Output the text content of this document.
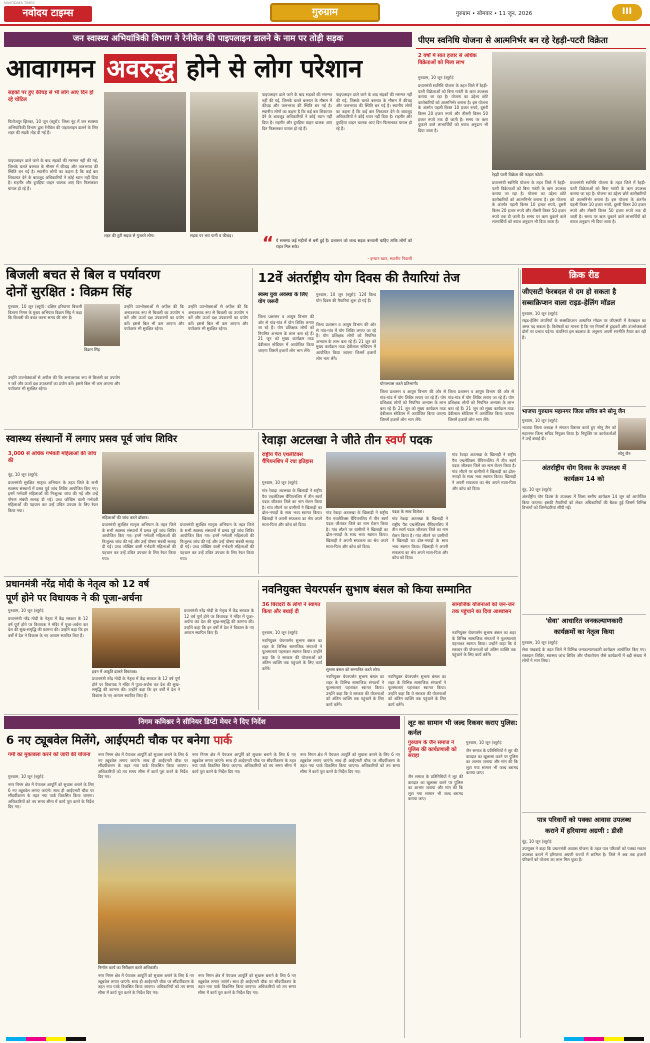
NAVODAYA TIMES
नवोदय टाइम्स	गुरुग्राम	गुरुग्राम • सोमवार • 11 जून, 2026	III
जन स्वास्थ्य अभियांत्रिकी विभाग ने रेनीवेल की पाइपलाइन डालने के नाम पर तोड़ी सड़क	पीएम स्वनिधि योजना से आत्मनिर्भर बन रहे रेहड़ी-पटरी विक्रेता
आवागमन अवरुद्ध होने से लोग परेशान
सड़कों पर हुए कीचड़ से भी लोग आए दिन हो रहे चोटिल
फिरोजपुर झिरका, 10 जून (ब्यूरो): जिला नूंह में जन स्वास्थ्य अभियांत्रिकी विभाग द्वारा रेनीवेल की पाइपलाइन डालने के लिए शहर की सड़कें तोड़ दी गई हैं।
पाइपलाइन डाले जाने के बाद सड़कों की मरम्मत नहीं की गई, जिसके चलते बरसात के मौसम में कीचड़ और जलभराव की स्थिति बन गई है। स्थानीय लोगों का कहना है कि कई बार शिकायत देने के बावजूद अधिकारियों ने कोई ध्यान नहीं दिया है। राहगीर और दुपहिया वाहन चालक आए दिन फिसलकर घायल हो रहे हैं।
शहर की टूटी सड़क से गुजरते लोग।
पाइपलाइन डाले जाने के बाद सड़कों की मरम्मत नहीं की गई, जिसके चलते बरसात के मौसम में कीचड़ और जलभराव की स्थिति बन गई है। स्थानीय लोगों का कहना है कि कई बार शिकायत देने के बावजूद अधिकारियों ने कोई ध्यान नहीं दिया है। राहगीर और दुपहिया वाहन चालक आए दिन फिसलकर घायल हो रहे हैं।
पाइपलाइन डाले जाने के बाद सड़कों की मरम्मत नहीं की गई, जिसके चलते बरसात के मौसम में कीचड़ और जलभराव की स्थिति बन गई है। स्थानीय लोगों का कहना है कि कई बार शिकायत देने के बावजूद अधिकारियों ने कोई ध्यान नहीं दिया है। राहगीर और दुपहिया वाहन चालक आए दिन फिसलकर घायल हो रहे हैं।
सड़क पर भरा पानी व कीचड़।	“ ये समस्या कई महीनों से बनी हुई है। प्रशासन को जल्द सड़क बनवानी चाहिए ताकि लोगों को राहत मिल सके।
- इमरान खान, स्थानीय निवासी
2 वर्षों में सात हजार से अधिक विक्रेताओं को मिला लाभ
गुरुग्राम, 10 जून (ब्यूरो):
प्रधानमंत्री स्वनिधि योजना के तहत जिले में रेहड़ी-पटरी विक्रेताओं को बिना गारंटी के ऋण उपलब्ध कराया जा रहा है। योजना का उद्देश्य छोटे कारोबारियों को आत्मनिर्भर बनाना है। इस योजना के अंतर्गत पहली किस्त 10 हजार रुपये, दूसरी किस्त 20 हजार रुपये और तीसरी किस्त 50 हजार रुपये तक दी जाती है। समय पर ऋण चुकाने वाले लाभार्थियों को ब्याज अनुदान भी दिया जाता है।
रेहड़ी पटरी विक्रेता की फाइल फोटो।
प्रधानमंत्री स्वनिधि योजना के तहत जिले में रेहड़ी-पटरी विक्रेताओं को बिना गारंटी के ऋण उपलब्ध कराया जा रहा है। योजना का उद्देश्य छोटे कारोबारियों को आत्मनिर्भर बनाना है। इस योजना के अंतर्गत पहली किस्त 10 हजार रुपये, दूसरी किस्त 20 हजार रुपये और तीसरी किस्त 50 हजार रुपये तक दी जाती है। समय पर ऋण चुकाने वाले लाभार्थियों को ब्याज अनुदान भी दिया जाता है।
प्रधानमंत्री स्वनिधि योजना के तहत जिले में रेहड़ी-पटरी विक्रेताओं को बिना गारंटी के ऋण उपलब्ध कराया जा रहा है। योजना का उद्देश्य छोटे कारोबारियों को आत्मनिर्भर बनाना है। इस योजना के अंतर्गत पहली किस्त 10 हजार रुपये, दूसरी किस्त 20 हजार रुपये और तीसरी किस्त 50 हजार रुपये तक दी जाती है। समय पर ऋण चुकाने वाले लाभार्थियों को ब्याज अनुदान भी दिया जाता है।
बिजली बचत से बिल व पर्यावरण
दोनों सुरक्षित : विक्रम सिंह
गुरुग्राम, 10 जून (ब्यूरो): दक्षिण हरियाणा बिजली वितरण निगम के मुख्य अभियंता विक्रम सिंह ने कहा कि बिजली की बचत करना समय की मांग है।
विक्रम सिंह
उन्होंने उपभोक्ताओं से अपील की कि अनावश्यक रूप से बिजली का उपयोग न करें और ऊर्जा दक्ष उपकरणों का प्रयोग करें। इससे बिल भी कम आएगा और पर्यावरण भी सुरक्षित रहेगा।
उन्होंने उपभोक्ताओं से अपील की कि अनावश्यक रूप से बिजली का उपयोग न करें और ऊर्जा दक्ष उपकरणों का प्रयोग करें। इससे बिल भी कम आएगा और पर्यावरण भी सुरक्षित रहेगा।
उन्होंने उपभोक्ताओं से अपील की कि अनावश्यक रूप से बिजली का उपयोग न करें और ऊर्जा दक्ष उपकरणों का प्रयोग करें। इससे बिल भी कम आएगा और पर्यावरण भी सुरक्षित रहेगा।
12वें अंतर्राष्ट्रीय योग दिवस की तैयारियां तेज
स्वस्थ युवा अवस्था के लिए योग जरूरी
गुरुग्राम, 10 जून (ब्यूरो): 12वें विश्व योग दिवस की तैयारियां शुरू हो गई हैं।
जिला प्रशासन व आयुष विभाग की ओर से गांव-गांव में योग शिविर लगाए जा रहे हैं। योग प्रशिक्षक लोगों को नियमित अभ्यास के लाभ बता रहे हैं। 21 जून को मुख्य कार्यक्रम ताऊ देवीलाल स्टेडियम में आयोजित किया जाएगा जिसमें हजारों लोग भाग लेंगे।
जिला प्रशासन व आयुष विभाग की ओर से गांव-गांव में योग शिविर लगाए जा रहे हैं। योग प्रशिक्षक लोगों को नियमित अभ्यास के लाभ बता रहे हैं। 21 जून को मुख्य कार्यक्रम ताऊ देवीलाल स्टेडियम में आयोजित किया जाएगा जिसमें हजारों लोग भाग लेंगे।
योगाभ्यास करते प्रतिभागी।
जिला प्रशासन व आयुष विभाग की ओर से गांव-गांव में योग शिविर लगाए जा रहे हैं। योग प्रशिक्षक लोगों को नियमित अभ्यास के लाभ बता रहे हैं। 21 जून को मुख्य कार्यक्रम ताऊ देवीलाल स्टेडियम में आयोजित किया जाएगा जिसमें हजारों लोग भाग लेंगे।
जिला प्रशासन व आयुष विभाग की ओर से गांव-गांव में योग शिविर लगाए जा रहे हैं। योग प्रशिक्षक लोगों को नियमित अभ्यास के लाभ बता रहे हैं। 21 जून को मुख्य कार्यक्रम ताऊ देवीलाल स्टेडियम में आयोजित किया जाएगा जिसमें हजारों लोग भाग लेंगे।
क्रिक रीड
जीएसटी फेरबदल से दम हो सकता है
सब्सक्रिप्शन वाला राइड-हेलिंग मॉडल
गुरुग्राम, 10 जून (ब्यूरो):
राइड-हेलिंग कंपनियों के सब्सक्रिप्शन आधारित मॉडल पर जीएसटी में फेरबदल का असर पड़ सकता है। विशेषज्ञों का मानना है कि नए नियमों से ड्राइवरों और उपभोक्ताओं दोनों पर प्रभाव पड़ेगा। कंपनियां इस बदलाव के अनुरूप अपनी रणनीति तैयार कर रही हैं।
भाजपा गुरुग्राम महानगर जिला सचिव बने सोनू जैन
गुरुग्राम, 10 जून (ब्यूरो):
भाजपा जिला अध्यक्ष ने संगठन विस्तार करते हुए सोनू जैन को महानगर जिला सचिव नियुक्त किया है। नियुक्ति पर कार्यकर्ताओं ने उन्हें बधाई दी।
सोनू जैन
स्वास्थ्य संस्थानों में लगाए प्रसव पूर्व जांच शिविर
3,000 से अधिक गर्भवती महिलाओं की जांच की
नूंह, 10 जून (ब्यूरो):
प्रधानमंत्री सुरक्षित मातृत्व अभियान के तहत जिले के सभी स्वास्थ्य संस्थानों में प्रसव पूर्व जांच शिविर आयोजित किए गए। इनमें गर्भवती महिलाओं की निःशुल्क जांच की गई और उन्हें पोषण संबंधी सलाह दी गई। उच्च जोखिम वाली गर्भवती महिलाओं की पहचान कर उन्हें उचित उपचार के लिए रेफर किया गया।
महिलाओं की जांच करते डॉक्टर।
प्रधानमंत्री सुरक्षित मातृत्व अभियान के तहत जिले के सभी स्वास्थ्य संस्थानों में प्रसव पूर्व जांच शिविर आयोजित किए गए। इनमें गर्भवती महिलाओं की निःशुल्क जांच की गई और उन्हें पोषण संबंधी सलाह दी गई। उच्च जोखिम वाली गर्भवती महिलाओं की पहचान कर उन्हें उचित उपचार के लिए रेफर किया गया।
प्रधानमंत्री सुरक्षित मातृत्व अभियान के तहत जिले के सभी स्वास्थ्य संस्थानों में प्रसव पूर्व जांच शिविर आयोजित किए गए। इनमें गर्भवती महिलाओं की निःशुल्क जांच की गई और उन्हें पोषण संबंधी सलाह दी गई। उच्च जोखिम वाली गर्भवती महिलाओं की पहचान कर उन्हें उचित उपचार के लिए रेफर किया गया।
रेवाड़ा अटलखा ने जीते तीन स्वर्ण पदक
राष्ट्रीय पैरा एथलेटिक्स चैंपियनशिप में रचा इतिहास
गुरुग्राम, 10 जून (ब्यूरो):
गांव रेवाड़ा अटलखा के खिलाड़ी ने राष्ट्रीय पैरा एथलेटिक्स चैंपियनशिप में तीन स्वर्ण पदक जीतकर जिले का नाम रोशन किया है। गांव लौटने पर ग्रामीणों ने खिलाड़ी का ढोल-नगाड़ों के साथ भव्य स्वागत किया। खिलाड़ी ने अपनी सफलता का श्रेय अपने माता-पिता और कोच को दिया।
गांव रेवाड़ा अटलखा के खिलाड़ी ने राष्ट्रीय पैरा एथलेटिक्स चैंपियनशिप में तीन स्वर्ण पदक जीतकर जिले का नाम रोशन किया है। गांव लौटने पर ग्रामीणों ने खिलाड़ी का ढोल-नगाड़ों के साथ भव्य स्वागत किया। खिलाड़ी ने अपनी सफलता का श्रेय अपने माता-पिता और कोच को दिया।
पदक के साथ विजेता।
गांव रेवाड़ा अटलखा के खिलाड़ी ने राष्ट्रीय पैरा एथलेटिक्स चैंपियनशिप में तीन स्वर्ण पदक जीतकर जिले का नाम रोशन किया है। गांव लौटने पर ग्रामीणों ने खिलाड़ी का ढोल-नगाड़ों के साथ भव्य स्वागत किया। खिलाड़ी ने अपनी सफलता का श्रेय अपने माता-पिता और कोच को दिया।
गांव रेवाड़ा अटलखा के खिलाड़ी ने राष्ट्रीय पैरा एथलेटिक्स चैंपियनशिप में तीन स्वर्ण पदक जीतकर जिले का नाम रोशन किया है। गांव लौटने पर ग्रामीणों ने खिलाड़ी का ढोल-नगाड़ों के साथ भव्य स्वागत किया। खिलाड़ी ने अपनी सफलता का श्रेय अपने माता-पिता और कोच को दिया।
अंतर्राष्ट्रीय योग दिवस के उपलक्ष्य में
कार्यक्रम 14 को
नूंह, 10 जून (ब्यूरो):
अंतर्राष्ट्रीय योग दिवस के उपलक्ष्य में जिला स्तरीय कार्यक्रम 14 जून को आयोजित किया जाएगा। इसकी तैयारियों को लेकर अधिकारियों की बैठक हुई जिसमें विभिन्न विभागों को जिम्मेदारियां सौंपी गईं।
प्रधानमंत्री नरेंद्र मोदी के नेतृत्व को 12 वर्ष
पूर्ण होने पर विधायक ने की पूजा-अर्चना
गुरुग्राम, 10 जून (ब्यूरो):
प्रधानमंत्री नरेंद्र मोदी के नेतृत्व में केंद्र सरकार के 12 वर्ष पूर्ण होने पर विधायक ने मंदिर में पूजा-अर्चना कर देश की सुख-समृद्धि की कामना की। उन्होंने कहा कि इन वर्षों में देश ने विकास के नए आयाम स्थापित किए हैं।
हवन में आहुति डालते विधायक।
प्रधानमंत्री नरेंद्र मोदी के नेतृत्व में केंद्र सरकार के 12 वर्ष पूर्ण होने पर विधायक ने मंदिर में पूजा-अर्चना कर देश की सुख-समृद्धि की कामना की। उन्होंने कहा कि इन वर्षों में देश ने विकास के नए आयाम स्थापित किए हैं।
प्रधानमंत्री नरेंद्र मोदी के नेतृत्व में केंद्र सरकार के 12 वर्ष पूर्ण होने पर विधायक ने मंदिर में पूजा-अर्चना कर देश की सुख-समृद्धि की कामना की। उन्होंने कहा कि इन वर्षों में देश ने विकास के नए आयाम स्थापित किए हैं।
नवनियुक्त चेयरपर्सन सुभाष बंसल को किया सम्मानित
36 बिरादरी के लोगों ने स्वागत किया और बधाई दी
गुरुग्राम, 10 जून (ब्यूरो):
नवनियुक्त चेयरपर्सन सुभाष बंसल का शहर के विभिन्न सामाजिक संगठनों ने फूलमालाएं पहनाकर स्वागत किया। उन्होंने कहा कि वे सरकार की योजनाओं को अंतिम व्यक्ति तक पहुंचाने के लिए कार्य करेंगे।	सुभाष बंसल को सम्मानित करते लोग।
नवनियुक्त चेयरपर्सन सुभाष बंसल का शहर के विभिन्न सामाजिक संगठनों ने फूलमालाएं पहनाकर स्वागत किया। उन्होंने कहा कि वे सरकार की योजनाओं को अंतिम व्यक्ति तक पहुंचाने के लिए कार्य करेंगे।
नवनियुक्त चेयरपर्सन सुभाष बंसल का शहर के विभिन्न सामाजिक संगठनों ने फूलमालाएं पहनाकर स्वागत किया। उन्होंने कहा कि वे सरकार की योजनाओं को अंतिम व्यक्ति तक पहुंचाने के लिए कार्य करेंगे।
सामाजिक योजनाओं को जन-जन तक पहुंचाने का दिया आश्वासन
नवनियुक्त चेयरपर्सन सुभाष बंसल का शहर के विभिन्न सामाजिक संगठनों ने फूलमालाएं पहनाकर स्वागत किया। उन्होंने कहा कि वे सरकार की योजनाओं को अंतिम व्यक्ति तक पहुंचाने के लिए कार्य करेंगे।
'सेवा' आधारित जनकल्याणकारी
कार्यक्रमों का नेतृत्व किया
गुरुग्राम, 10 जून (ब्यूरो):
सेवा पखवाड़े के तहत जिले में विभिन्न जनकल्याणकारी कार्यक्रम आयोजित किए गए। रक्तदान शिविर, स्वास्थ्य जांच शिविर और पौधारोपण जैसे कार्यक्रमों में बड़ी संख्या में लोगों ने भाग लिया।
निगम कमिश्नर ने सीनियर डिप्टी मेयर ने दिए निर्देश
6 नए ट्यूबवेल मिलेंगे, आईएमटी चौक पर बनेगा पार्क
गर्मी का मुकाबला करने को जारी की योजना
गुरुग्राम, 10 जून (ब्यूरो):
नगर निगम क्षेत्र में पेयजल आपूर्ति को सुचारू बनाने के लिए 6 नए ट्यूबवेल लगाए जाएंगे। साथ ही आईएमटी चौक पर सौंदर्यीकरण के तहत नया पार्क विकसित किया जाएगा। अधिकारियों को तय समय सीमा में कार्य पूरा करने के निर्देश दिए गए।
नगर निगम क्षेत्र में पेयजल आपूर्ति को सुचारू बनाने के लिए 6 नए ट्यूबवेल लगाए जाएंगे। साथ ही आईएमटी चौक पर सौंदर्यीकरण के तहत नया पार्क विकसित किया जाएगा। अधिकारियों को तय समय सीमा में कार्य पूरा करने के निर्देश दिए गए।
निर्माण कार्य का निरीक्षण करते अधिकारी।
नगर निगम क्षेत्र में पेयजल आपूर्ति को सुचारू बनाने के लिए 6 नए ट्यूबवेल लगाए जाएंगे। साथ ही आईएमटी चौक पर सौंदर्यीकरण के तहत नया पार्क विकसित किया जाएगा। अधिकारियों को तय समय सीमा में कार्य पूरा करने के निर्देश दिए गए।
नगर निगम क्षेत्र में पेयजल आपूर्ति को सुचारू बनाने के लिए 6 नए ट्यूबवेल लगाए जाएंगे। साथ ही आईएमटी चौक पर सौंदर्यीकरण के तहत नया पार्क विकसित किया जाएगा। अधिकारियों को तय समय सीमा में कार्य पूरा करने के निर्देश दिए गए।
नगर निगम क्षेत्र में पेयजल आपूर्ति को सुचारू बनाने के लिए 6 नए ट्यूबवेल लगाए जाएंगे। साथ ही आईएमटी चौक पर सौंदर्यीकरण के तहत नया पार्क विकसित किया जाएगा। अधिकारियों को तय समय सीमा में कार्य पूरा करने के निर्देश दिए गए।
नगर निगम क्षेत्र में पेयजल आपूर्ति को सुचारू बनाने के लिए 6 नए ट्यूबवेल लगाए जाएंगे। साथ ही आईएमटी चौक पर सौंदर्यीकरण के तहत नया पार्क विकसित किया जाएगा। अधिकारियों को तय समय सीमा में कार्य पूरा करने के निर्देश दिए गए।
लूट का सामान भी जल्द रिकवर कराए पुलिस: कर्नल
गुरुग्राम के जैन समाज ने पुलिस की कार्यप्रणाली को सराहा
गुरुग्राम, 10 जून (ब्यूरो):
जैन समाज के प्रतिनिधियों ने लूट की वारदात का खुलासा करने पर पुलिस का आभार जताया और मांग की कि लूटा गया सामान भी जल्द बरामद कराया जाए।
जैन समाज के प्रतिनिधियों ने लूट की वारदात का खुलासा करने पर पुलिस का आभार जताया और मांग की कि लूटा गया सामान भी जल्द बरामद कराया जाए।
पात्र परिवारों को पक्का आवास उपलब्ध
कराने में हरियाणा अग्रणी : डीसी
नूंह, 10 जून (ब्यूरो):
उपायुक्त ने कहा कि प्रधानमंत्री आवास योजना के तहत पात्र परिवारों को पक्का मकान उपलब्ध कराने में हरियाणा अग्रणी राज्यों में शामिल है। जिले में अब तक हजारों परिवारों को योजना का लाभ मिल चुका है।
